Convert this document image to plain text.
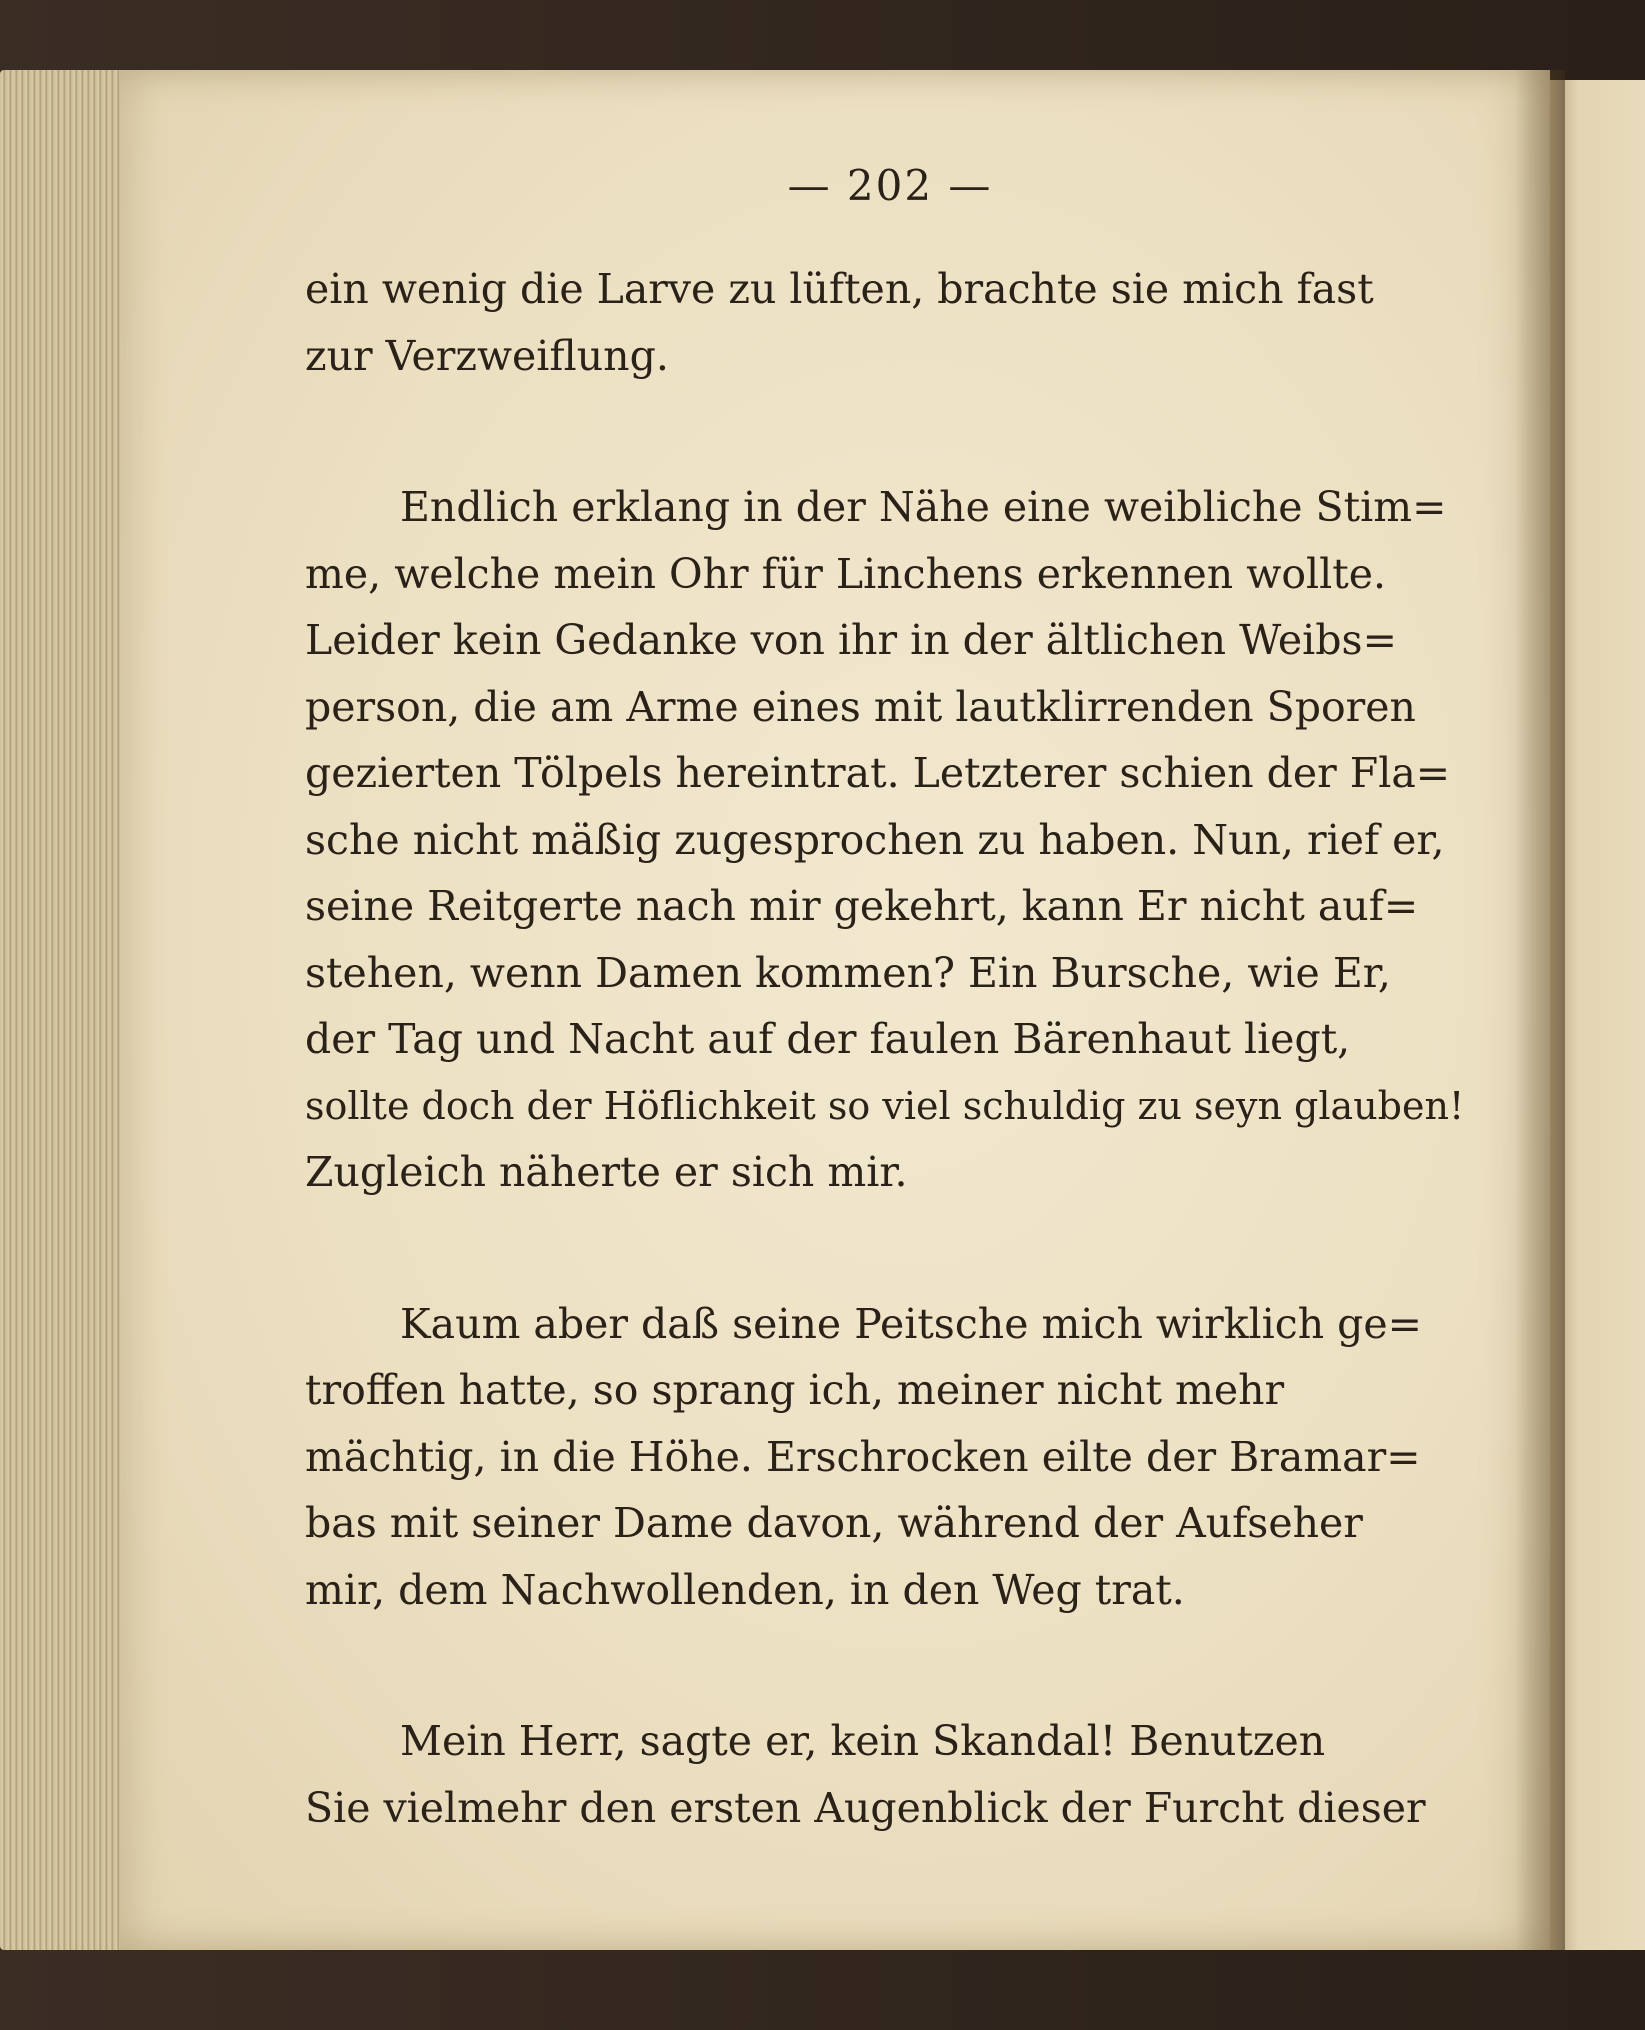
— 202 —
ein wenig die Larve zu lüften, brachte sie mich fast
zur Verzweiflung.
Endlich erklang in der Nähe eine weibliche Stim=
me, welche mein Ohr für Linchens erkennen wollte.
Leider kein Gedanke von ihr in der ältlichen Weibs=
person, die am Arme eines mit lautklirrenden Sporen
gezierten Tölpels hereintrat. Letzterer schien der Fla=
sche nicht mäßig zugesprochen zu haben. Nun, rief er,
seine Reitgerte nach mir gekehrt, kann Er nicht auf=
stehen, wenn Damen kommen? Ein Bursche, wie Er,
der Tag und Nacht auf der faulen Bärenhaut liegt,
sollte doch der Höflichkeit so viel schuldig zu seyn glauben!
Zugleich näherte er sich mir.
Kaum aber daß seine Peitsche mich wirklich ge=
troffen hatte, so sprang ich, meiner nicht mehr
mächtig, in die Höhe. Erschrocken eilte der Bramar=
bas mit seiner Dame davon, während der Aufseher
mir, dem Nachwollenden, in den Weg trat.
Mein Herr, sagte er, kein Skandal! Benutzen
Sie vielmehr den ersten Augenblick der Furcht dieser
